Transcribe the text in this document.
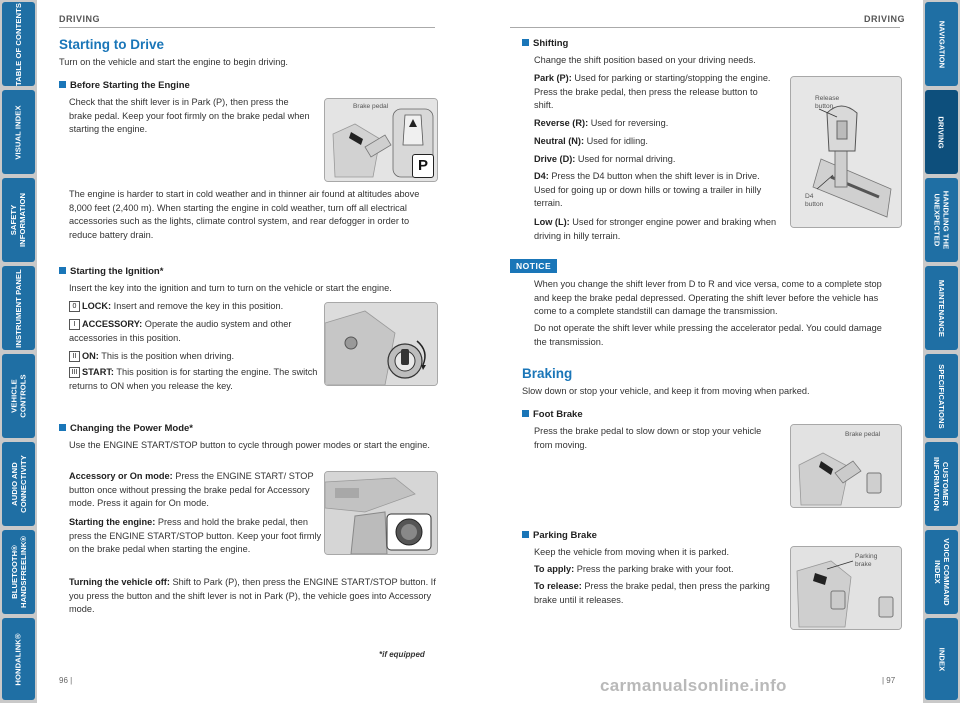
TABLE OF CONTENTS
VISUAL INDEX
SAFETY
INFORMATION
INSTRUMENT PANEL
VEHICLE
CONTROLS
AUDIO AND
CONNECTIVITY
BLUETOOTH®
HANDSFREELINK®
HONDALINK®
NAVIGATION
DRIVING
HANDLING THE
UNEXPECTED
MAINTENANCE
SPECIFICATIONS
CUSTOMER
INFORMATION
VOICE COMMAND
INDEX
INDEX
DRIVING
Starting to Drive
Turn on the vehicle and start the engine to begin driving.
Before Starting the Engine
Check that the shift lever is in Park (P), then press the brake pedal. Keep your foot firmly on the brake pedal when starting the engine.
Brake pedal
P
The engine is harder to start in cold weather and in thinner air found at altitudes above 8,000 feet (2,400 m). When starting the engine in cold weather, turn off all electrical accessories such as the lights, climate control system, and rear defogger in order to reduce battery drain.
Starting the Ignition*
Insert the key into the ignition and turn to turn on the vehicle or start the engine.
0 LOCK: Insert and remove the key in this position.
I ACCESSORY: Operate the audio system and other accessories in this position.
II ON: This is the position when driving.
III START: This position is for starting the engine. The switch returns to ON when you release the key.
Changing the Power Mode*
Use the ENGINE START/STOP button to cycle through power modes or start the engine.
Accessory or On mode: Press the ENGINE START/ STOP button once without pressing the brake pedal for Accessory mode. Press it again for On mode.
Starting the engine: Press and hold the brake pedal, then press the ENGINE START/STOP button. Keep your foot firmly on the brake pedal when starting the engine.
Turning the vehicle off: Shift to Park (P), then press the ENGINE START/STOP button. If you press the button and the shift lever is not in Park (P), the vehicle goes into Accessory mode.
*if equipped
96 |
DRIVING
Shifting
Change the shift position based on your driving needs.
Park (P): Used for parking or starting/stopping the engine. Press the brake pedal, then press the release button to shift.
Reverse (R): Used for reversing.
Neutral (N): Used for idling.
Drive (D): Used for normal driving.
D4: Press the D4 button when the shift lever is in Drive. Used for going up or down hills or towing a trailer in hilly terrain.
Low (L): Used for stronger engine power and braking when driving in hilly terrain.
Release
button
D4
button
NOTICE
When you change the shift lever from D to R and vice versa, come to a complete stop and keep the brake pedal depressed. Operating the shift lever before the vehicle has come to a complete standstill can damage the transmission.
Do not operate the shift lever while pressing the accelerator pedal. You could damage the transmission.
Braking
Slow down or stop your vehicle, and keep it from moving when parked.
Foot Brake
Press the brake pedal to slow down or stop your vehicle from moving.
Brake pedal
Parking Brake
Keep the vehicle from moving when it is parked.
To apply: Press the parking brake with your foot.
To release: Press the brake pedal, then press the parking brake until it releases.
Parking
brake
| 97
carmanualsonline.info
